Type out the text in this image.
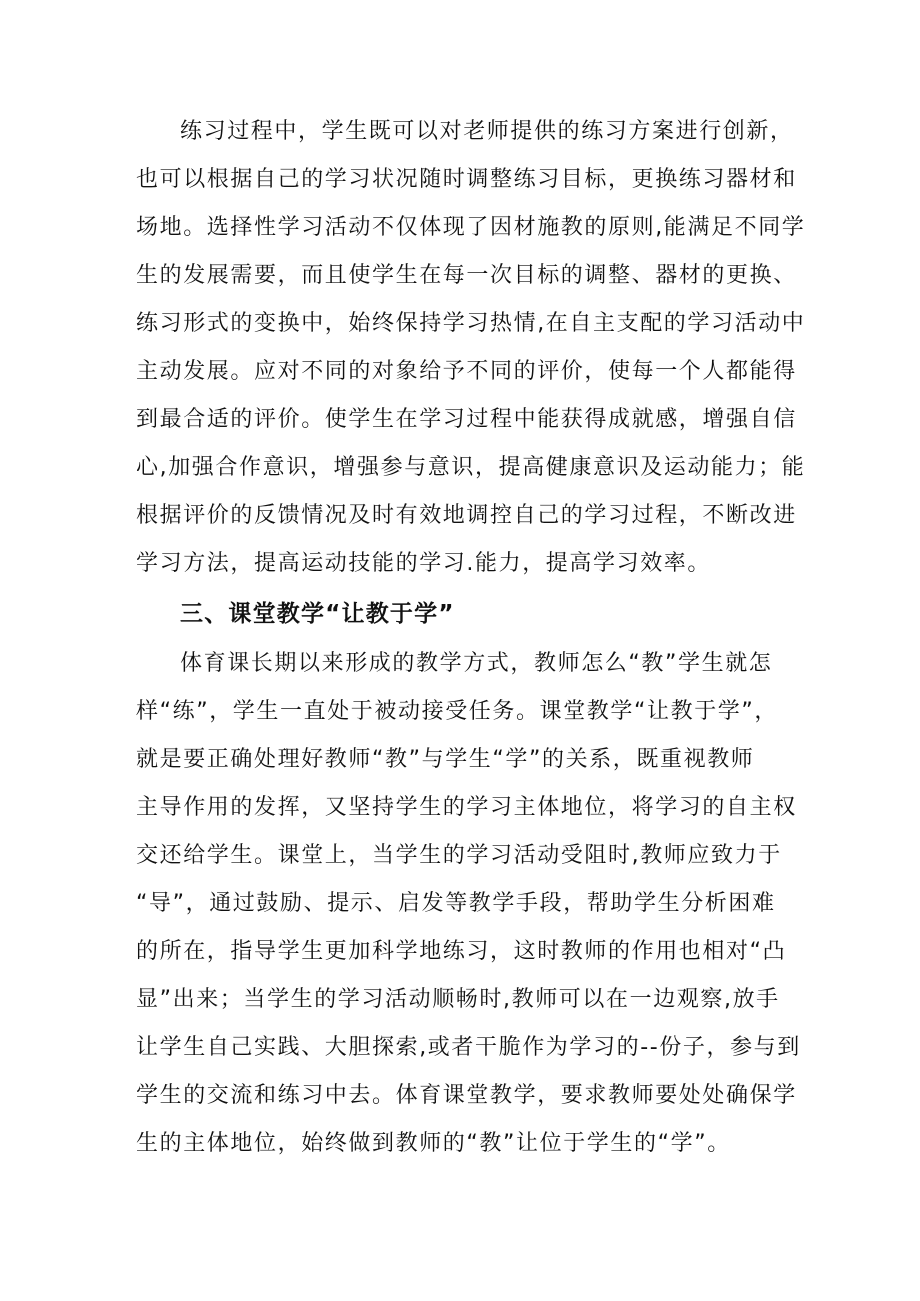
练习过程中，学生既可以对老师提供的练习方案进行创新，
也可以根据自己的学习状况随时调整练习目标，更换练习器材和
场地。选择性学习活动不仅体现了因材施教的原则,能满足不同学
生的发展需要，而且使学生在每一次目标的调整、器材的更换、
练习形式的变换中，始终保持学习热情,在自主支配的学习活动中
主动发展。应对不同的对象给予不同的评价，使每一个人都能得
到最合适的评价。使学生在学习过程中能获得成就感，增强自信
心,加强合作意识，增强参与意识，提高健康意识及运动能力；能
根据评价的反馈情况及时有效地调控自己的学习过程，不断改进
学习方法，提高运动技能的学习.能力，提高学习效率。
三、课堂教学“让教于学”
体育课长期以来形成的教学方式，教师怎么“教”学生就怎
样“练”，学生一直处于被动接受任务。课堂教学“让教于学”，
就是要正确处理好教师“教”与学生“学”的关系，既重视教师
主导作用的发挥，又坚持学生的学习主体地位，将学习的自主权
交还给学生。课堂上，当学生的学习活动受阻时,教师应致力于
“导”，通过鼓励、提示、启发等教学手段，帮助学生分析困难
的所在，指导学生更加科学地练习，这时教师的作用也相对“凸
显”出来；当学生的学习活动顺畅时,教师可以在一边观察,放手
让学生自己实践、大胆探索,或者干脆作为学习的--份子，参与到
学生的交流和练习中去。体育课堂教学，要求教师要处处确保学
生的主体地位，始终做到教师的“教”让位于学生的“学”。
